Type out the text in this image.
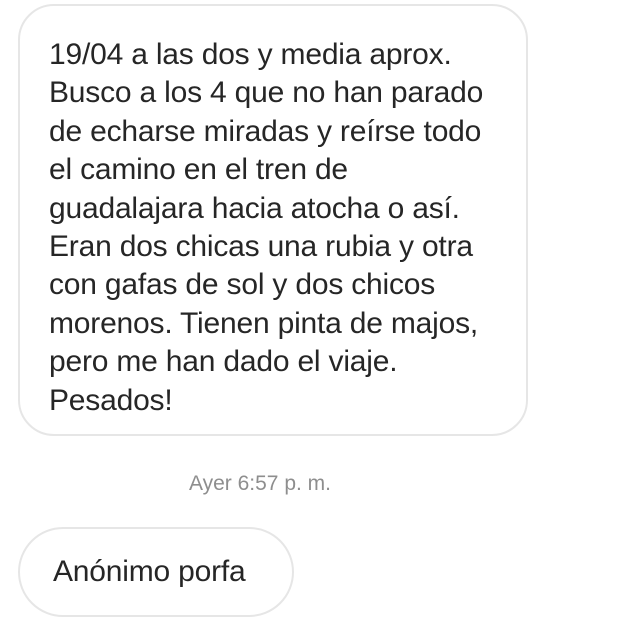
19/04 a las dos y media aprox. Busco a los 4 que no han parado de echarse miradas y reírse todo el camino en el tren de guadalajara hacia atocha o así. Eran dos chicas una rubia y otra con gafas de sol y dos chicos morenos. Tienen pinta de majos, pero me han dado el viaje. Pesados!

Ayer 6:57 p. m.
Anónimo porfa
